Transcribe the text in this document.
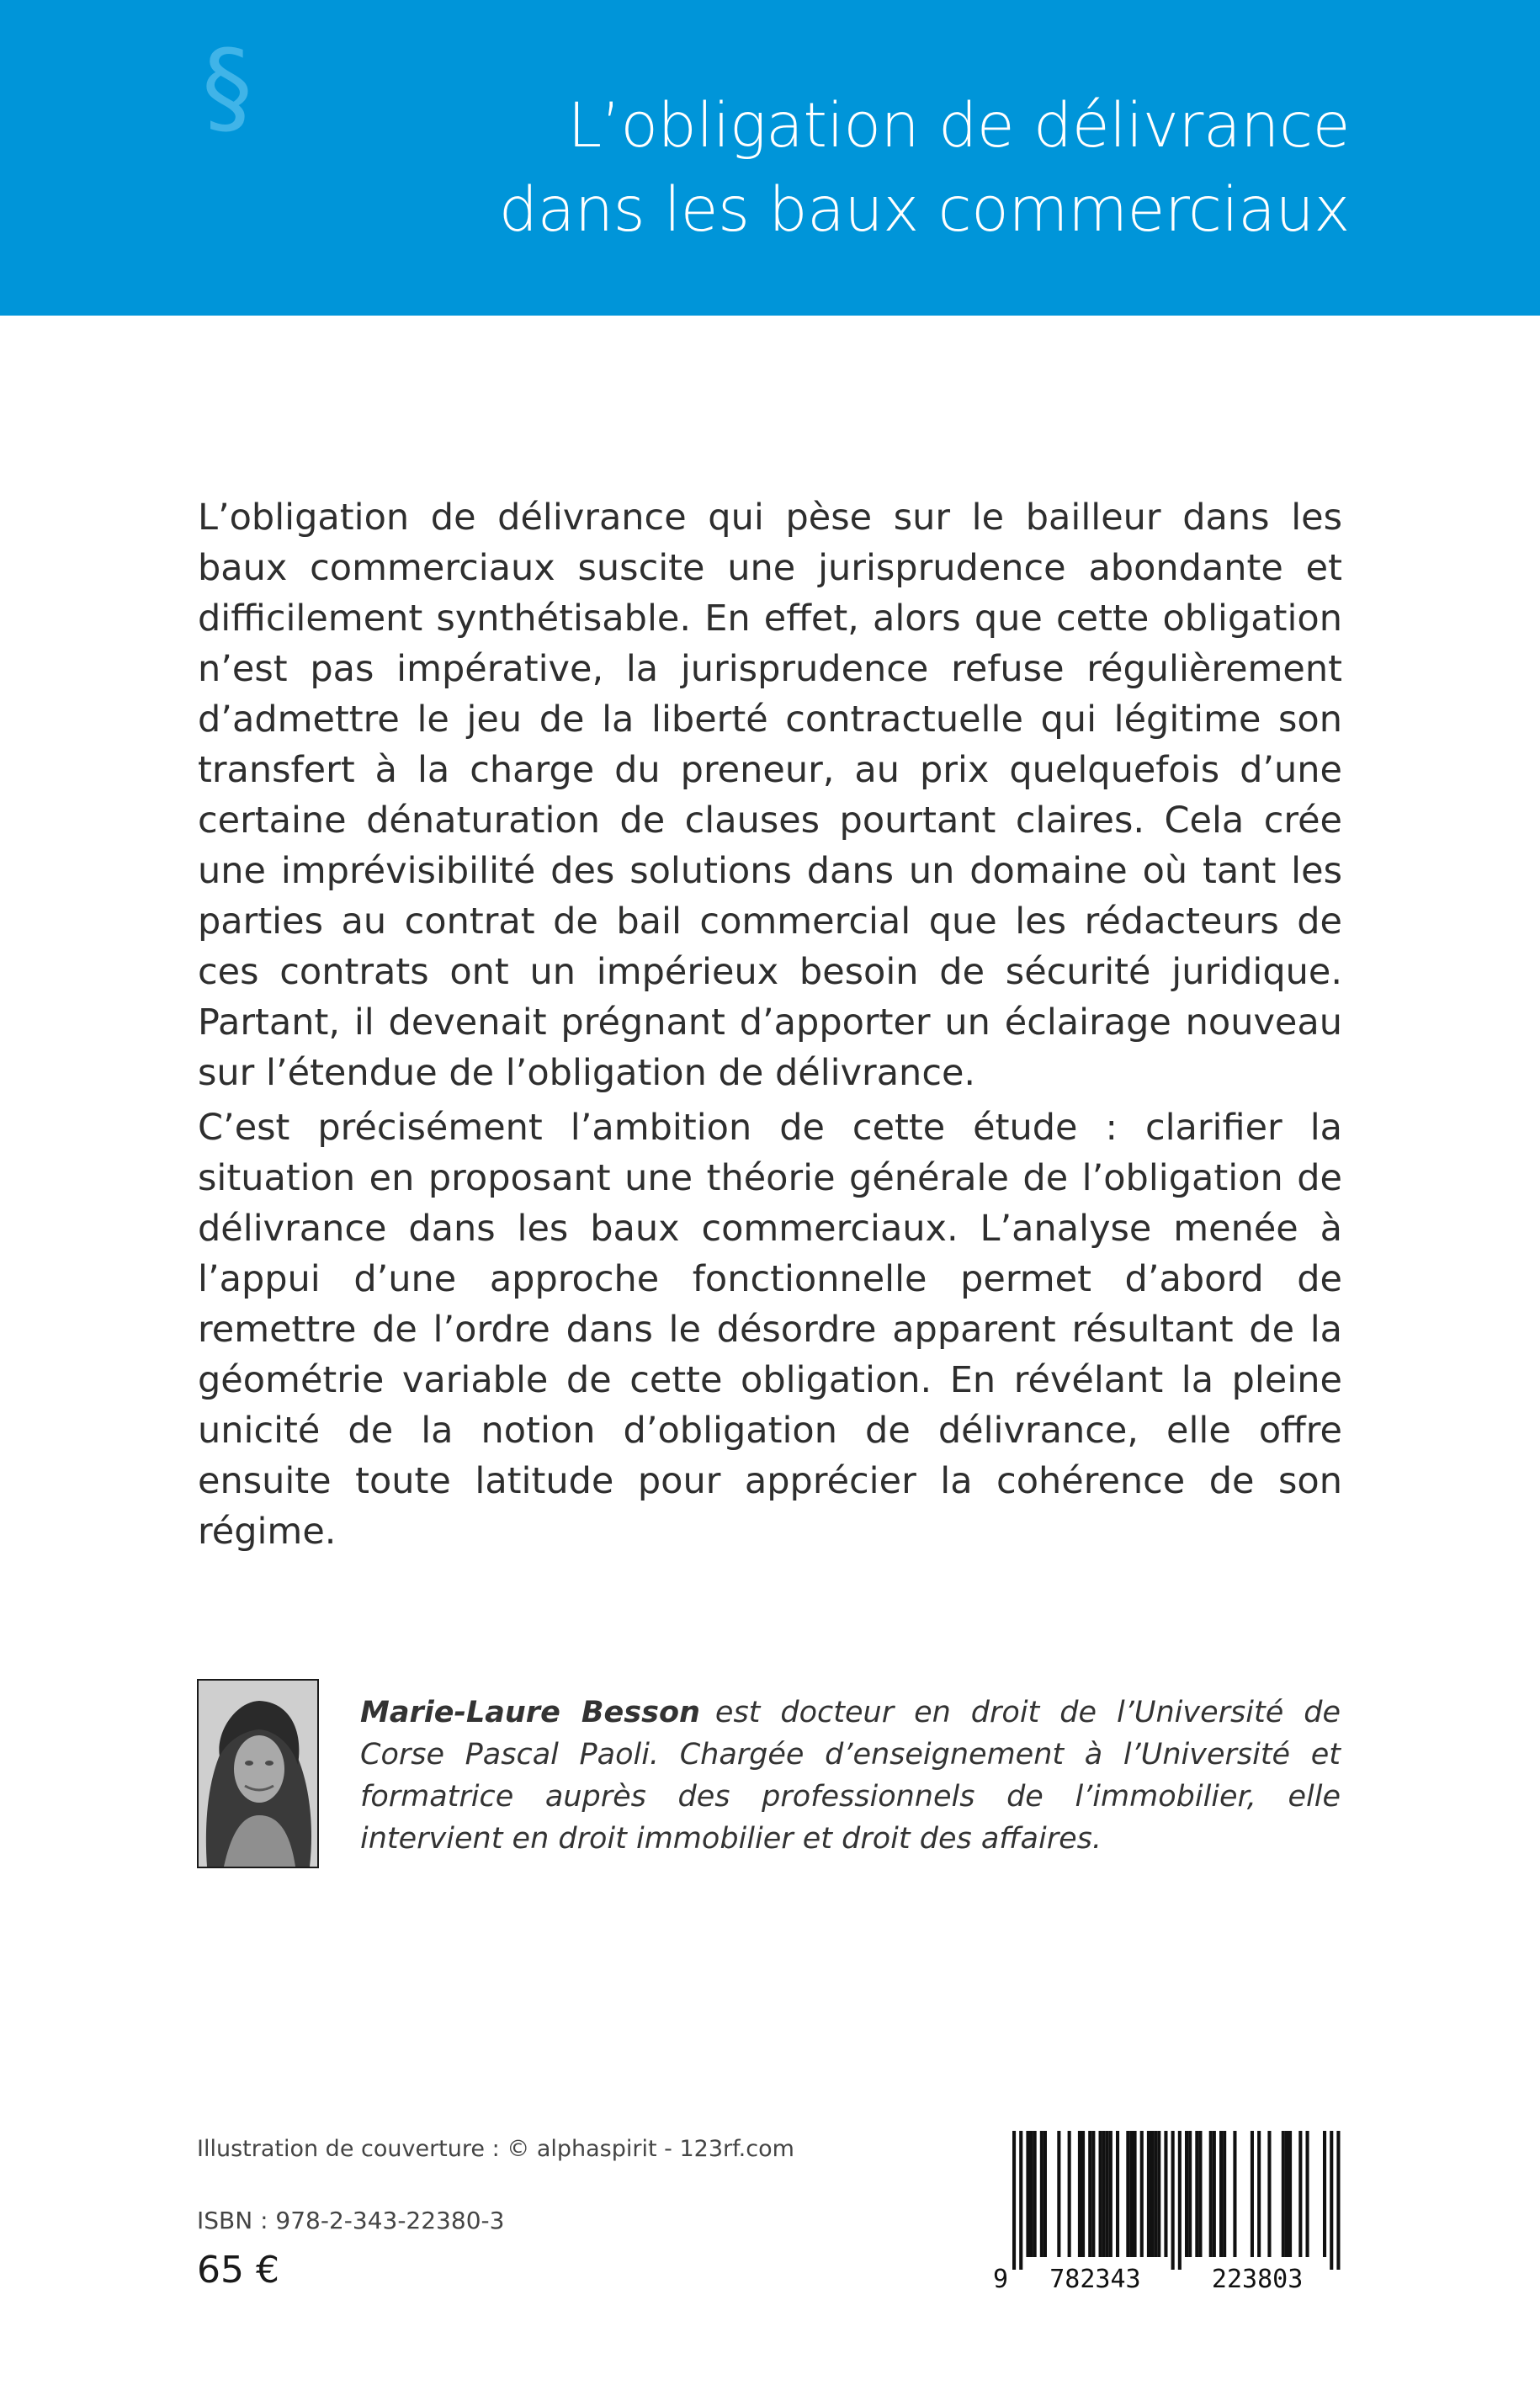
§	L’obligation de délivrance
dans les baux commerciaux

L’obligation de délivrance qui pèse sur le bailleur dans les baux commerciaux suscite une jurisprudence abondante et difficilement synthétisable. En effet, alors que cette obligation n’est pas impérative, la jurisprudence refuse régulièrement d’admettre le jeu de la liberté contractuelle qui légitime son transfert à la charge du preneur, au prix quelquefois d’une certaine dénaturation de clauses pourtant claires. Cela crée une imprévisibilité des solutions dans un domaine où tant les parties au contrat de bail commercial que les rédacteurs de ces contrats ont un impérieux besoin de sécurité juridique. Partant, il devenait prégnant d’apporter un éclairage nouveau sur l’étendue de l’obligation de délivrance.

C’est précisément l’ambition de cette étude : clarifier la situation en proposant une théorie générale de l’obligation de délivrance dans les baux commerciaux. L’analyse menée à l’appui d’une approche fonctionnelle permet d’abord de remettre de l’ordre dans le désordre apparent résultant de la géométrie variable de cette obligation. En révélant la pleine unicité de la notion d’obligation de délivrance, elle offre ensuite toute latitude pour apprécier la cohérence de son régime.

Marie-Laure Besson est docteur en droit de l’Université de Corse Pascal Paoli. Chargée d’enseignement à l’Université et formatrice auprès des professionnels de l’immobilier, elle intervient en droit immobilier et droit des affaires.

Illustration de couverture : © alphaspirit - 123rf.com
ISBN : 978-2-343-22380-3
65 €	9 782343	223803
